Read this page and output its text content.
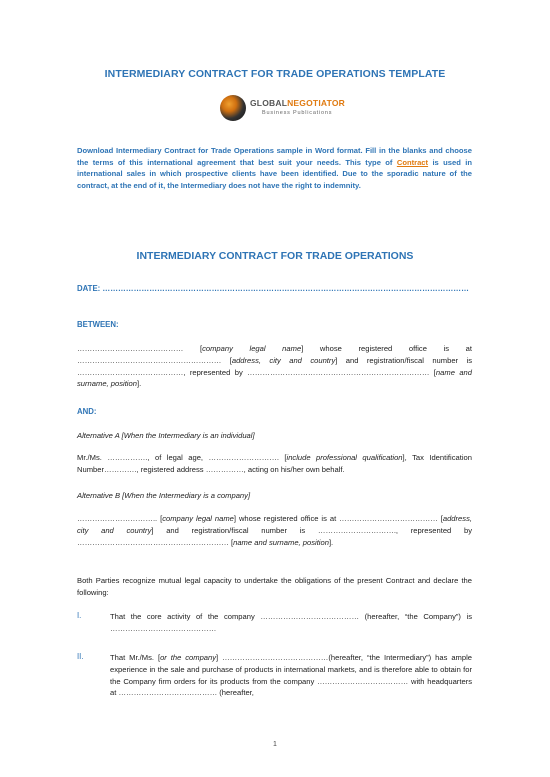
INTERMEDIARY CONTRACT FOR TRADE OPERATIONS TEMPLATE
GLOBALNEGOTIATOR
Business Publications
Download Intermediary Contract for Trade Operations sample in Word format. Fill in the blanks and choose the terms of this international agreement that best suit your needs. This type of Contract is used in international sales in which prospective clients have been identified. Due to the sporadic nature of the contract, at the end of it, the Intermediary does not have the right to indemnity.
INTERMEDIARY CONTRACT FOR TRADE OPERATIONS
DATE: ……………………………………………………………………………………………………………………………
BETWEEN:
…………………………………… [company legal name] whose registered office is at ………………………………………………… [address, city and country] and registration/fiscal number is ……………………………………, represented by ……………………………………………………………… [name and surname, position].
AND:
Alternative A [When the Intermediary is an individual]
Mr./Ms. ……………., of legal age, ………………………. [include professional qualification], Tax Identification Number…………., registered address ……………, acting on his/her own behalf.
Alternative B [When the Intermediary is a company]
………………………….. [company legal name] whose registered office is at ………………………………… [address, city and country] and registration/fiscal number is …………………………., represented by …………………………………………………… [name and surname, position].
Both Parties recognize mutual legal capacity to undertake the obligations of the present Contract and declare the following:
I.	That the core activity of the company ………………………………… (hereafter, “the Company”) is ……………………………………
II.	That Mr./Ms. [or the company] ……………………………………(hereafter, “the Intermediary”) has ample experience in the sale and purchase of products in international markets, and is therefore able to obtain for the Company firm orders for its products from the company ……………………………… with headquarters at ………………………………… (hereafter,
1
